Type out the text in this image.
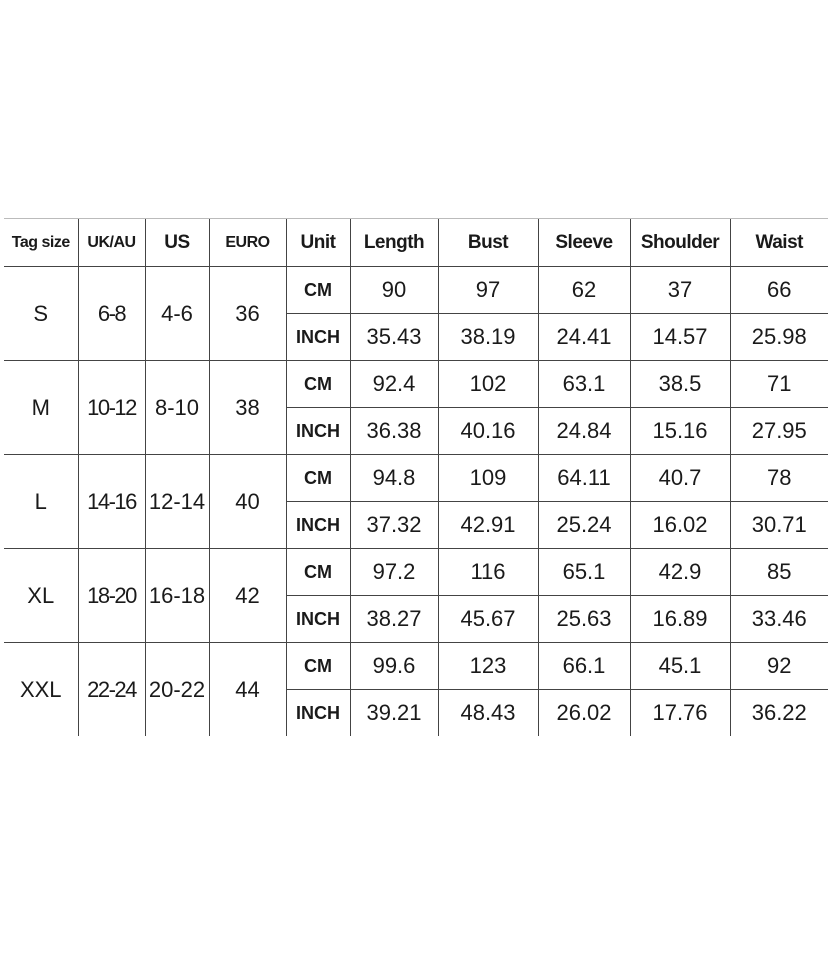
Tag size	UK/AU	US	EURO	Unit	Length	Bust	Sleeve	Shoulder	Waist
S	6-8	4-6	36	CM	90	97	62	37	66
				INCH	35.43	38.19	24.41	14.57	25.98
M	10-12	8-10	38	CM	92.4	102	63.1	38.5	71
				INCH	36.38	40.16	24.84	15.16	27.95
L	14-16	12-14	40	CM	94.8	109	64.11	40.7	78
				INCH	37.32	42.91	25.24	16.02	30.71
XL	18-20	16-18	42	CM	97.2	116	65.1	42.9	85
				INCH	38.27	45.67	25.63	16.89	33.46
XXL	22-24	20-22	44	CM	99.6	123	66.1	45.1	92
				INCH	39.21	48.43	26.02	17.76	36.22
